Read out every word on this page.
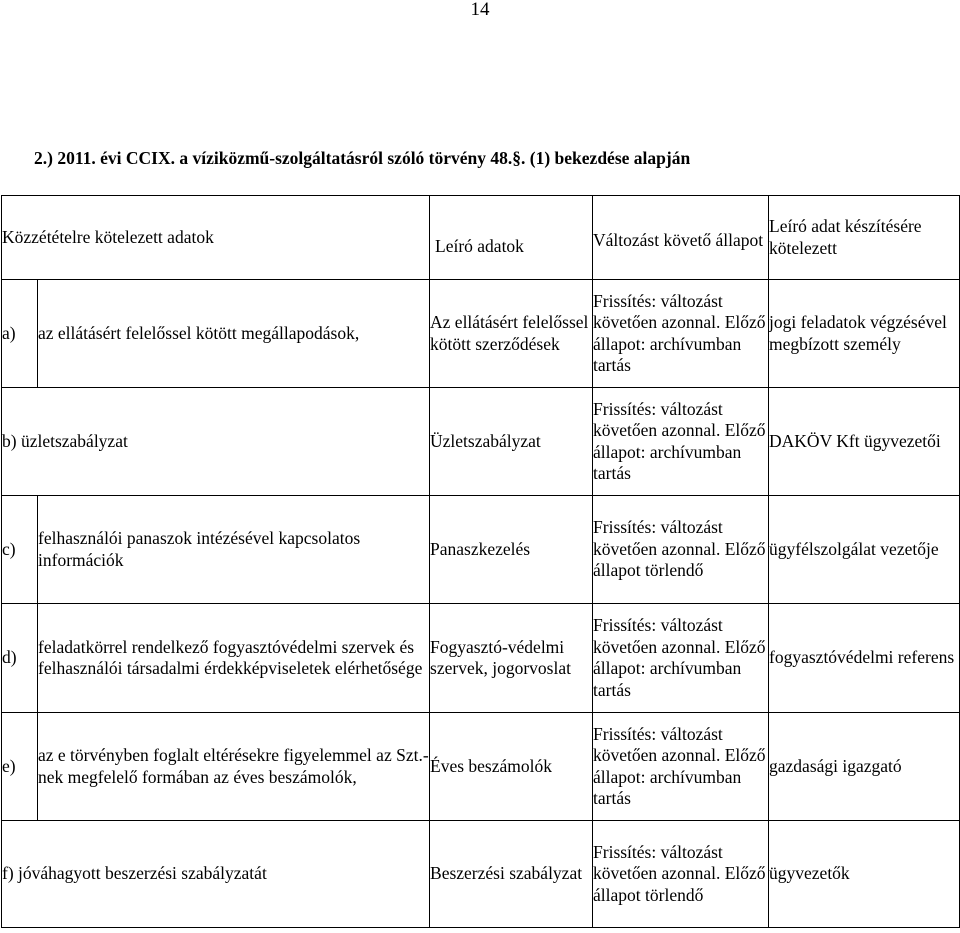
14
2.) 2011. évi CCIX. a víziközmű-szolgáltatásról szóló törvény 48.§. (1) bekezdése alapján
Közzétételre kötelezett adatok		Leíró adatok	Változást követő állapot	Leíró adat készítésére kötelezett
a)	az ellátásért felelőssel kötött megállapodások,	Az ellátásért felelőssel kötött szerződések	Frissítés: változást követően azonnal. Előző állapot: archívumban tartás	jogi feladatok végzésével megbízott személy
b) üzletszabályzat		Üzletszabályzat	Frissítés: változást követően azonnal. Előző állapot: archívumban tartás	DAKÖV Kft ügyvezetői
c)	felhasználói panaszok intézésével kapcsolatos információk	Panaszkezelés	Frissítés: változást követően azonnal. Előző állapot törlendő	ügyfélszolgálat vezetője
d)	feladatkörrel rendelkező fogyasztóvédelmi szervek és felhasználói társadalmi érdekképviseletek elérhetősége	Fogyasztó-védelmi szervek, jogorvoslat	Frissítés: változást követően azonnal. Előző állapot: archívumban tartás	fogyasztóvédelmi referens
e)	az e törvényben foglalt eltérésekre figyelemmel az Szt.-nek megfelelő formában az éves beszámolók,	Éves beszámolók	Frissítés: változást követően azonnal. Előző állapot: archívumban tartás	gazdasági igazgató
f) jóváhagyott beszerzési szabályzatát		Beszerzési szabályzat	Frissítés: változást követően azonnal. Előző állapot törlendő	ügyvezetők
